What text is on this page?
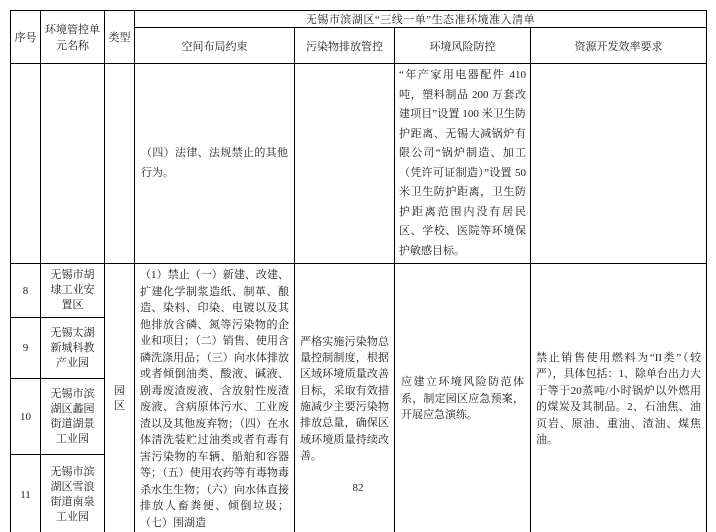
序号	环境管控单元名称	类型	无锡市滨湖区“三线一单”生态准环境准入清单			
			空间布局约束	污染物排放管控	环境风险防控	资源开发效率要求
			（四）法律、法规禁止的其他行为。		“年产家用电器配件 410 吨，塑料制品 200 万套改建项目”设置 100 米卫生防护距离、无锡大减锅炉有限公司“锅炉制造、加工（凭许可证制造）”设置 50 米卫生防护距离，卫生防护距离范围内没有居民区、学校、医院等环境保护敏感目标。	
8	无锡市胡埭工业安置区	园区	（1）禁止（一）新建、改建、扩建化学制浆造纸、制革、酿造、染料、印染、电镀以及其他排放含磷、氮等污染物的企业和项目；（二）销售、使用含磷洗涤用品；（三）向水体排放或者倾倒油类、酸液、碱液、剧毒废渣废液、含放射性废渣废液、含病原体污水、工业废渣以及其他废弃物；（四）在水体清洗装贮过油类或者有毒有害污染物的车辆、船舶和容器等；（五）使用农药等有毒物毒杀水生生物；（六）向水体直接排放人畜粪便、倾倒垃圾；（七）围湖造	严格实施污染物总量控制制度，根据区域环境质量改善目标，采取有效措施减少主要污染物排放总量，确保区域环境质量持续改善。	应建立环境风险防范体系，制定园区应急预案，开展应急演练。	禁止销售使用燃料为“II类”（较严），具体包括：1、除单台出力大于等于20蒸吨/小时锅炉以外燃用的煤炭及其制品。2、石油焦、油页岩、原油、重油、渣油、煤焦油。
9	无锡太湖新城科教产业园					
10	无锡市滨湖区蠡园街道湖景工业园					
11	无锡市滨湖区雪浪街道南泉工业园					
82
